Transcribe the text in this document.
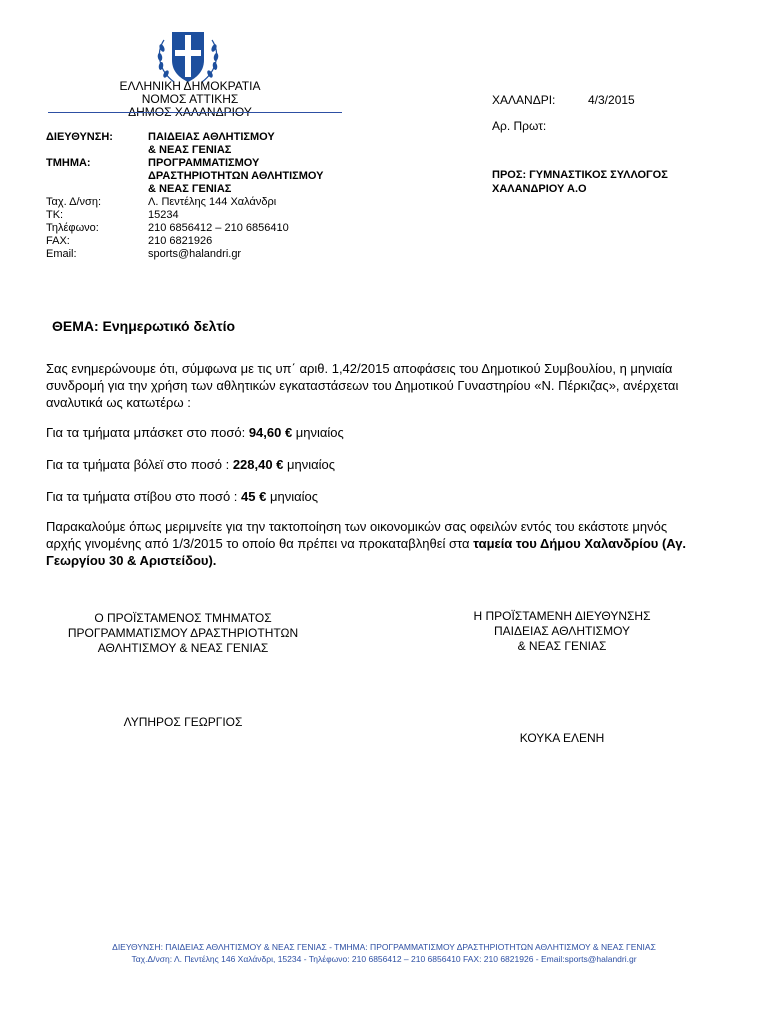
ΕΛΛΗΝΙΚΗ ΔΗΜΟΚΡΑΤΙΑ
ΝΟΜΟΣ ΑΤΤΙΚΗΣ
ΔΗΜΟΣ ΧΑΛΑΝΔΡΙΟΥ
ΔΙΕΥΘΥΝΣΗ:	ΠΑΙΔΕΙΑΣ ΑΘΛΗΤΙΣΜΟΥ
& ΝΕΑΣ ΓΕΝΙΑΣ
ΤΜΗΜΑ:	ΠΡΟΓΡΑΜΜΑΤΙΣΜΟΥ
ΔΡΑΣΤΗΡΙΟΤΗΤΩΝ ΑΘΛΗΤΙΣΜΟΥ
& ΝΕΑΣ ΓΕΝΙΑΣ
Ταχ. Δ/νση:	Λ. Πεντέλης 144 Χαλάνδρι
ΤΚ:	15234
Τηλέφωνο:	210 6856412 – 210 6856410
FAX:	210 6821926
Email:	sports@halandri.gr
ΧΑΛΑΝΔΡΙ:	4/3/2015
Αρ. Πρωτ:
ΠΡΟΣ: ΓΥΜΝΑΣΤΙΚΟΣ ΣΥΛΛΟΓΟΣ
ΧΑΛΑΝΔΡΙΟΥ Α.Ο
ΘΕΜΑ: Ενημερωτικό δελτίο
Σας ενημερώνουμε ότι, σύμφωνα με τις υπ΄ αριθ. 1,42/2015 αποφάσεις του Δημοτικού Συμβουλίου, η μηνιαία συνδρομή για την χρήση των αθλητικών εγκαταστάσεων του Δημοτικού Γυναστηρίου «Ν. Πέρκιζας», ανέρχεται αναλυτικά ως κατωτέρω :
Για τα τμήματα μπάσκετ στο ποσό: 94,60 € μηνιαίος
Για τα τμήματα βόλεϊ στο ποσό : 228,40 € μηνιαίος
Για τα τμήματα στίβου στο ποσό : 45 € μηνιαίος
Παρακαλούμε όπως μεριμνείτε για την τακτοποίηση των οικονομικών σας οφειλών εντός του εκάστοτε μηνός αρχής γινομένης από 1/3/2015 το οποίο θα πρέπει να προκαταβληθεί στα ταμεία του Δήμου Χαλανδρίου (Αγ. Γεωργίου 30 & Αριστείδου).
Ο ΠΡΟΪΣΤΑΜΕΝΟΣ ΤΜΗΜΑΤΟΣ
ΠΡΟΓΡΑΜΜΑΤΙΣΜΟΥ ΔΡΑΣΤΗΡΙΟΤΗΤΩΝ
ΑΘΛΗΤΙΣΜΟΥ & ΝΕΑΣ ΓΕΝΙΑΣ
Η ΠΡΟΪΣΤΑΜΕΝΗ ΔΙΕΥΘΥΝΣΗΣ
ΠΑΙΔΕΙΑΣ ΑΘΛΗΤΙΣΜΟΥ
& ΝΕΑΣ ΓΕΝΙΑΣ
ΛΥΠΗΡΟΣ ΓΕΩΡΓΙΟΣ
ΚΟΥΚΑ ΕΛΕΝΗ
ΔΙΕΥΘΥΝΣΗ: ΠΑΙΔΕΙΑΣ ΑΘΛΗΤΙΣΜΟΥ & ΝΕΑΣ ΓΕΝΙΑΣ - ΤΜΗΜΑ: ΠΡΟΓΡΑΜΜΑΤΙΣΜΟΥ ΔΡΑΣΤΗΡΙΟΤΗΤΩΝ ΑΘΛΗΤΙΣΜΟΥ & ΝΕΑΣ ΓΕΝΙΑΣ
Ταχ.Δ/νση: Λ. Πεντέλης 146 Χαλάνδρι, 15234 - Τηλέφωνο: 210 6856412 – 210 6856410 FAX: 210 6821926 - Email:sports@halandri.gr
